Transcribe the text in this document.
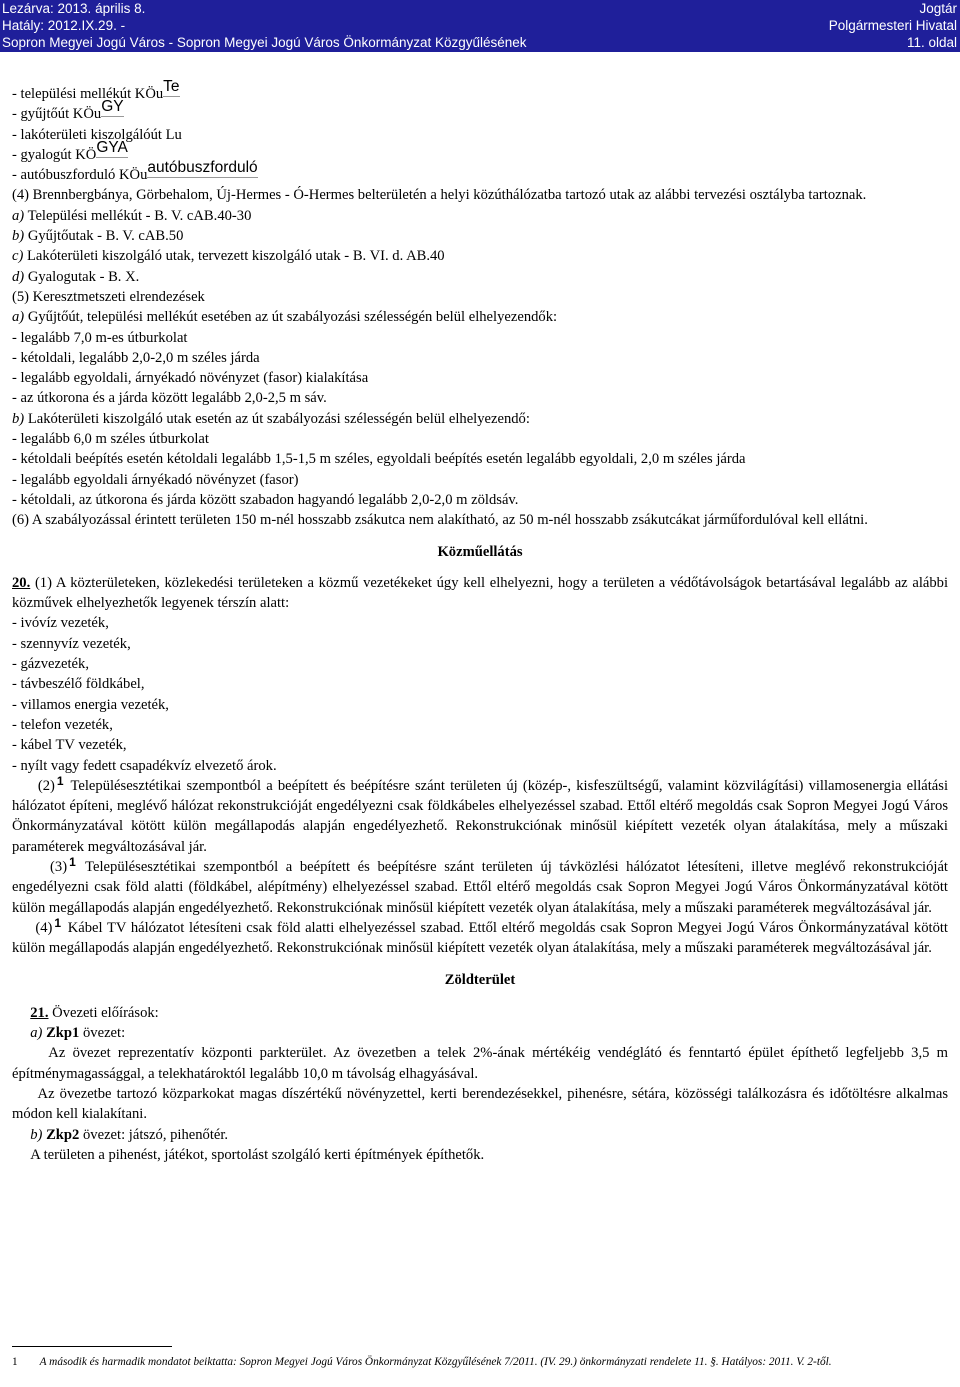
Lezárva: 2013. április 8.
Hatály: 2012.IX.29. -
Sopron Megyei Jogú Város - Sopron Megyei Jogú Város Önkormányzat Közgyűlésének
Jogtár
Polgármesteri Hivatal
11. oldal
- települési mellékút KÖuTe
- gyűjtőút KÖuGY
- lakóterületi kiszolgálóút Lu
- gyalogút KÖGYA
- autóbuszforduló KÖuautóbuszforduló
(4) Brennbergbánya, Görbehalom, Új-Hermes - Ó-Hermes belterületén a helyi közúthálózatba tartozó utak az alábbi tervezési osztályba tartoznak.
a) Települési mellékút - B. V. cAB.40-30
b) Gyűjtőutak - B. V. cAB.50
c) Lakóterületi kiszolgáló utak, tervezett kiszolgáló utak - B. VI. d. AB.40
d) Gyalogutak - B. X.
(5) Keresztmetszeti elrendezések
a) Gyűjtőút, települési mellékút esetében az út szabályozási szélességén belül elhelyezendők:
- legalább 7,0 m-es útburkolat
- kétoldali, legalább 2,0-2,0 m széles járda
- legalább egyoldali, árnyékadó növényzet (fasor) kialakítása
- az útkorona és a járda között legalább 2,0-2,5 m sáv.
b) Lakóterületi kiszolgáló utak esetén az út szabályozási szélességén belül elhelyezendő:
- legalább 6,0 m széles útburkolat
- kétoldali beépítés esetén kétoldali legalább 1,5-1,5 m széles, egyoldali beépítés esetén legalább egyoldali, 2,0 m széles járda
- legalább egyoldali árnyékadó növényzet (fasor)
- kétoldali, az útkorona és járda között szabadon hagyandó legalább 2,0-2,0 m zöldsáv.
(6) A szabályozással érintett területen 150 m-nél hosszabb zsákutca nem alakítható, az 50 m-nél hosszabb zsákutcákat járműfordulóval kell ellátni.
Közműellátás
20. (1) A közterületeken, közlekedési területeken a közmű vezetékeket úgy kell elhelyezni, hogy a területen a védőtávolságok betartásával legalább az alábbi közművek elhelyezhetők legyenek térszín alatt:
- ivóvíz vezeték,
- szennyvíz vezeték,
- gázvezeték,
- távbeszélő földkábel,
- villamos energia vezeték,
- telefon vezeték,
- kábel TV vezeték,
- nyílt vagy fedett csapadékvíz elvezető árok.
(2) $^1$ Településesztétikai szempontból a beépített és beépítésre szánt területen új (közép-, kisfeszültségű, valamint közvilágítási) villamosenergia ellátási hálózatot építeni, meglévő hálózat rekonstrukcióját engedélyezni csak földkábeles elhelyezéssel szabad. Ettől eltérő megoldás csak Sopron Megyei Jogú Város Önkormányzatával kötött külön megállapodás alapján engedélyezhető. Rekonstrukciónak minősül kiépített vezeték olyan átalakítása, mely a műszaki paraméterek megváltozásával jár.
(3) $^1$ Településesztétikai szempontból a beépített és beépítésre szánt területen új távközlési hálózatot létesíteni, illetve meglévő rekonstrukcióját engedélyezni csak föld alatti (földkábel, alépítmény) elhelyezéssel szabad. Ettől eltérő megoldás csak Sopron Megyei Jogú Város Önkormányzatával kötött külön megállapodás alapján engedélyezhető. Rekonstrukciónak minősül kiépített vezeték olyan átalakítása, mely a műszaki paraméterek megváltozásával jár.
(4) $^1$ Kábel TV hálózatot létesíteni csak föld alatti elhelyezéssel szabad. Ettől eltérő megoldás csak Sopron Megyei Jogú Város Önkormányzatával kötött külön megállapodás alapján engedélyezhető. Rekonstrukciónak minősül kiépített vezeték olyan átalakítása, mely a műszaki paraméterek megváltozásával jár.
Zöldterület
21. Övezeti előírások:
a) Zkp1 övezet:
Az övezet reprezentatív központi parkterület. Az övezetben a telek 2%-ának mértékéig vendéglátó és fenntartó épület építhető legfeljebb 3,5 m építménymagassággal, a telekhatároktól legalább 10,0 m távolság elhagyásával.
Az övezetbe tartozó közparkokat magas díszértékű növényzettel, kerti berendezésekkel, pihenésre, sétára, közösségi találkozásra és időtöltésre alkalmas módon kell kialakítani.
b) Zkp2 övezet: játszó, pihenőtér.
A területen a pihenést, játékot, sportolást szolgáló kerti építmények építhetők.
1 A második és harmadik mondatot beiktatta: Sopron Megyei Jogú Város Önkormányzat Közgyűlésének 7/2011. (IV. 29.) önkormányzati rendelete 11. §. Hatályos: 2011. V. 2-től.
